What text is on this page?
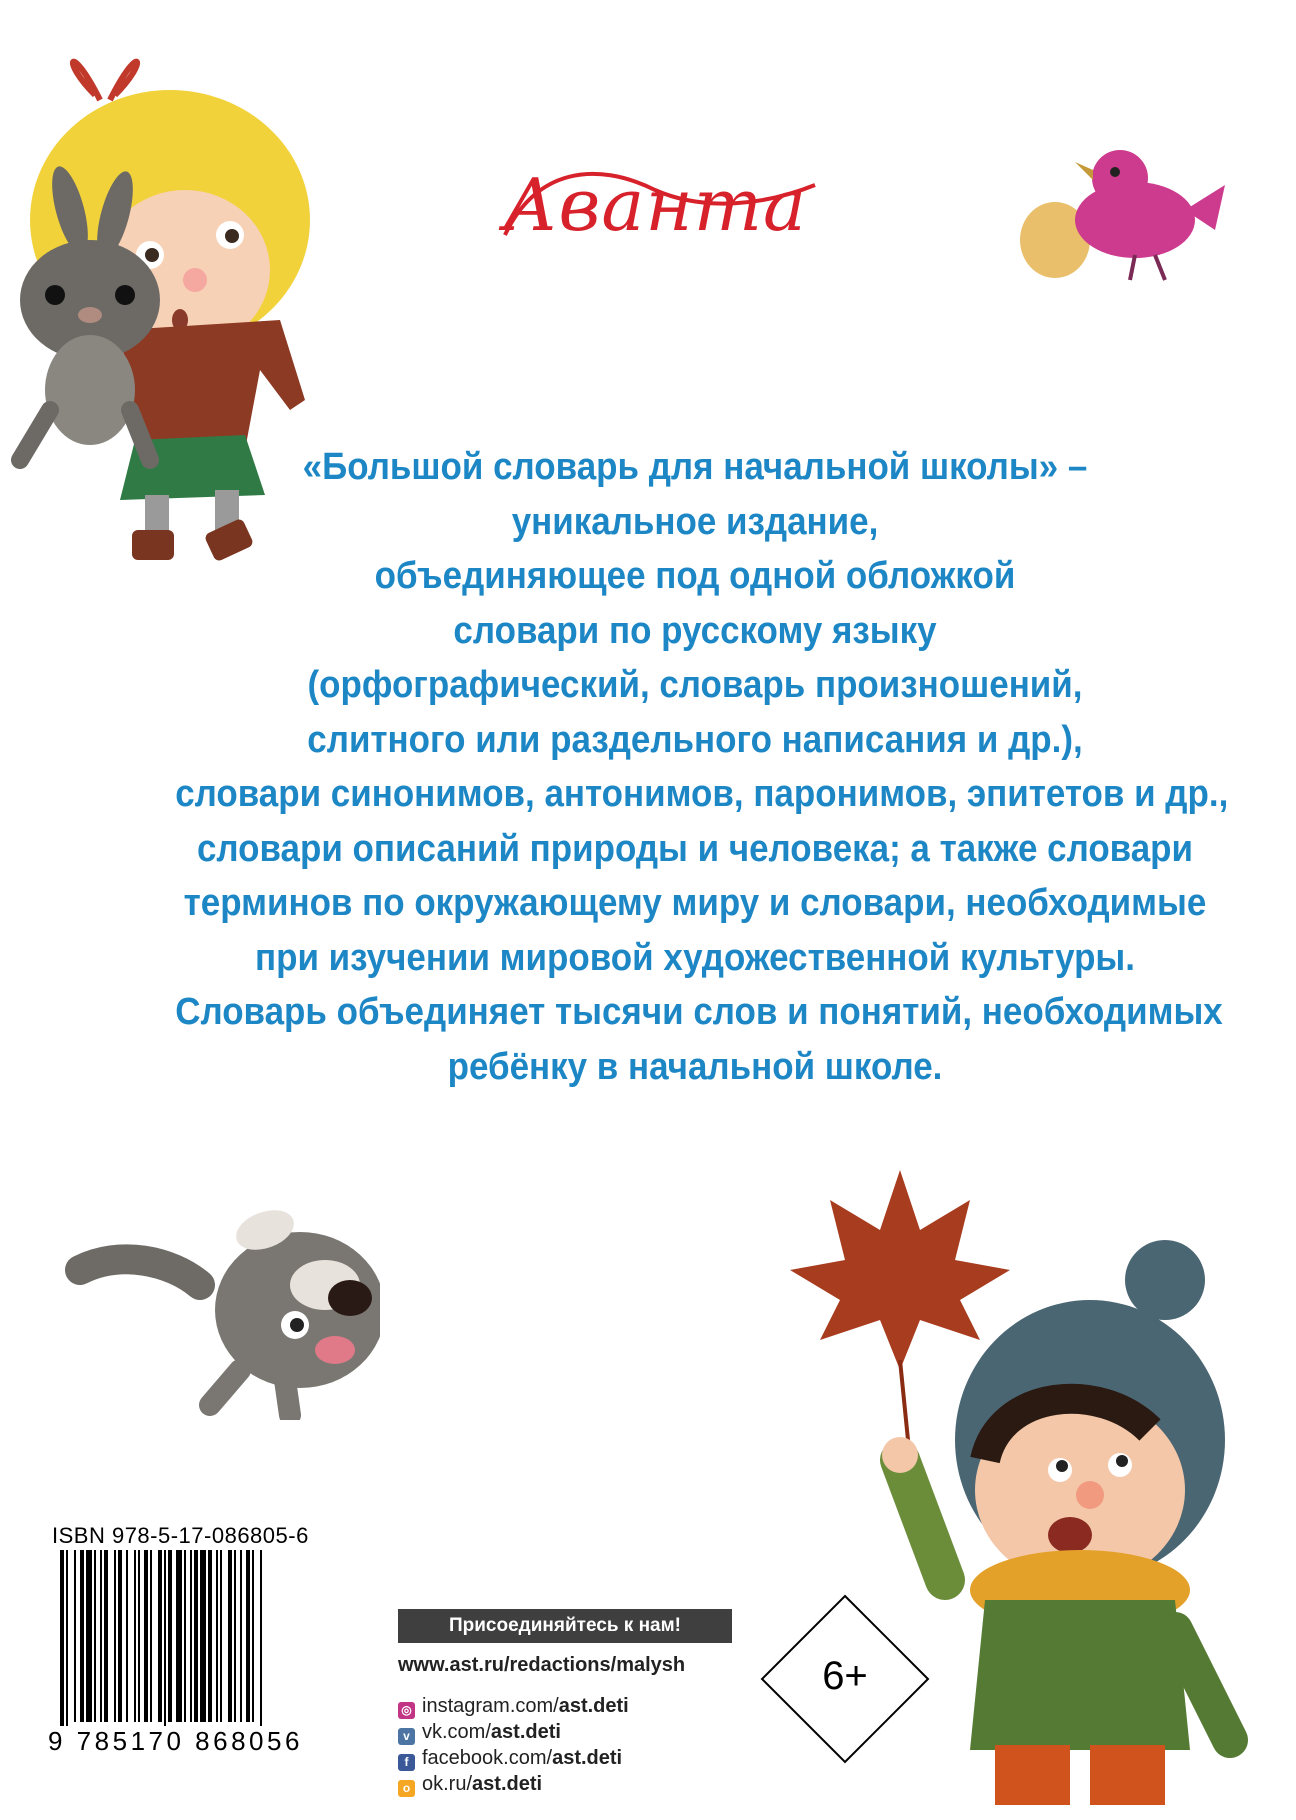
Аванта
«Большой словарь для начальной школы» –
уникальное издание,
объединяющее под одной обложкой
словари по русскому языку
(орфографический, словарь произношений,
слитного или раздельного написания и др.),
словари синонимов, антонимов, паронимов, эпитетов и др.,
словари описаний природы и человека; а также словари
терминов по окружающему миру и словари, необходимые
при изучении мировой художественной культуры.
Словарь объединяет тысячи слов и понятий, необходимых
ребёнку в начальной школе.
ISBN 978-5-17-086805-6
9 785170 868056
Присоединяйтесь к нам!
www.ast.ru/redactions/malysh
◎ instagram.com/ast.deti
v vk.com/ast.deti
f facebook.com/ast.deti
o ok.ru/ast.deti
6+
